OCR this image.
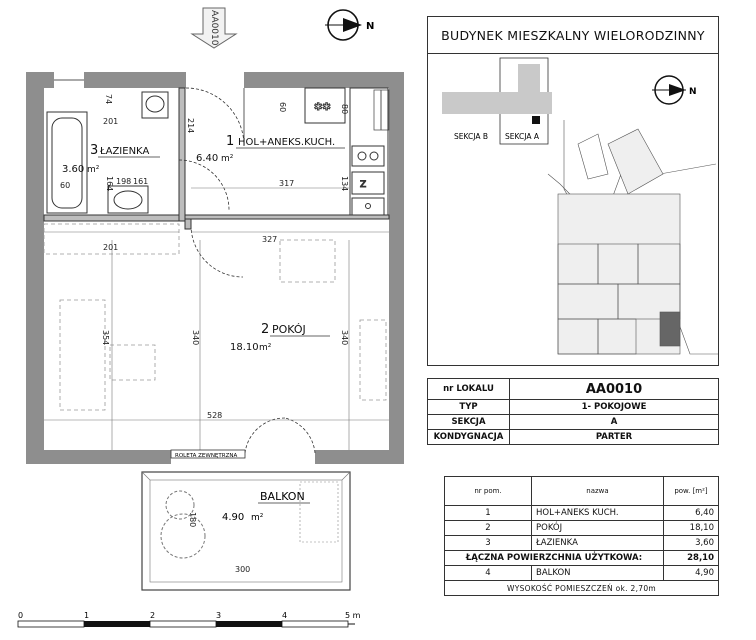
AA0010	N
✱✱
Z
74
201	214
60	80
317	134
164 198 161
60
201
327
354	340	340
528
180
300
1 HOL+ANEKS.KUCH.
6.40 m²
2 POKÓJ
18.10 m²
3 ŁAZIENKA
3.60 m²
ROLETA ZEWNĘTRZNA
BALKON
4.90 m²
0	1	2	3	4	5 m
BUDYNEK MIESZKALNY WIELORODZINNY
N
SEKCJA B SEKCJA A
nr LOKALU	AA0010
TYP	1- POKOJOWE
SEKCJA	A
KONDYGNACJA	PARTER
nr pom.	nazwa	pow. [m²]
1	HOL+ANEKS KUCH.	6,40
2	POKÓJ	18,10
3	ŁAZIENKA	3,60
ŁĄCZNA POWIERZCHNIA UŻYTKOWA:		28,10
4	BALKON	4,90
WYSOKOŚĆ POMIESZCZEŃ ok. 2,70m		
